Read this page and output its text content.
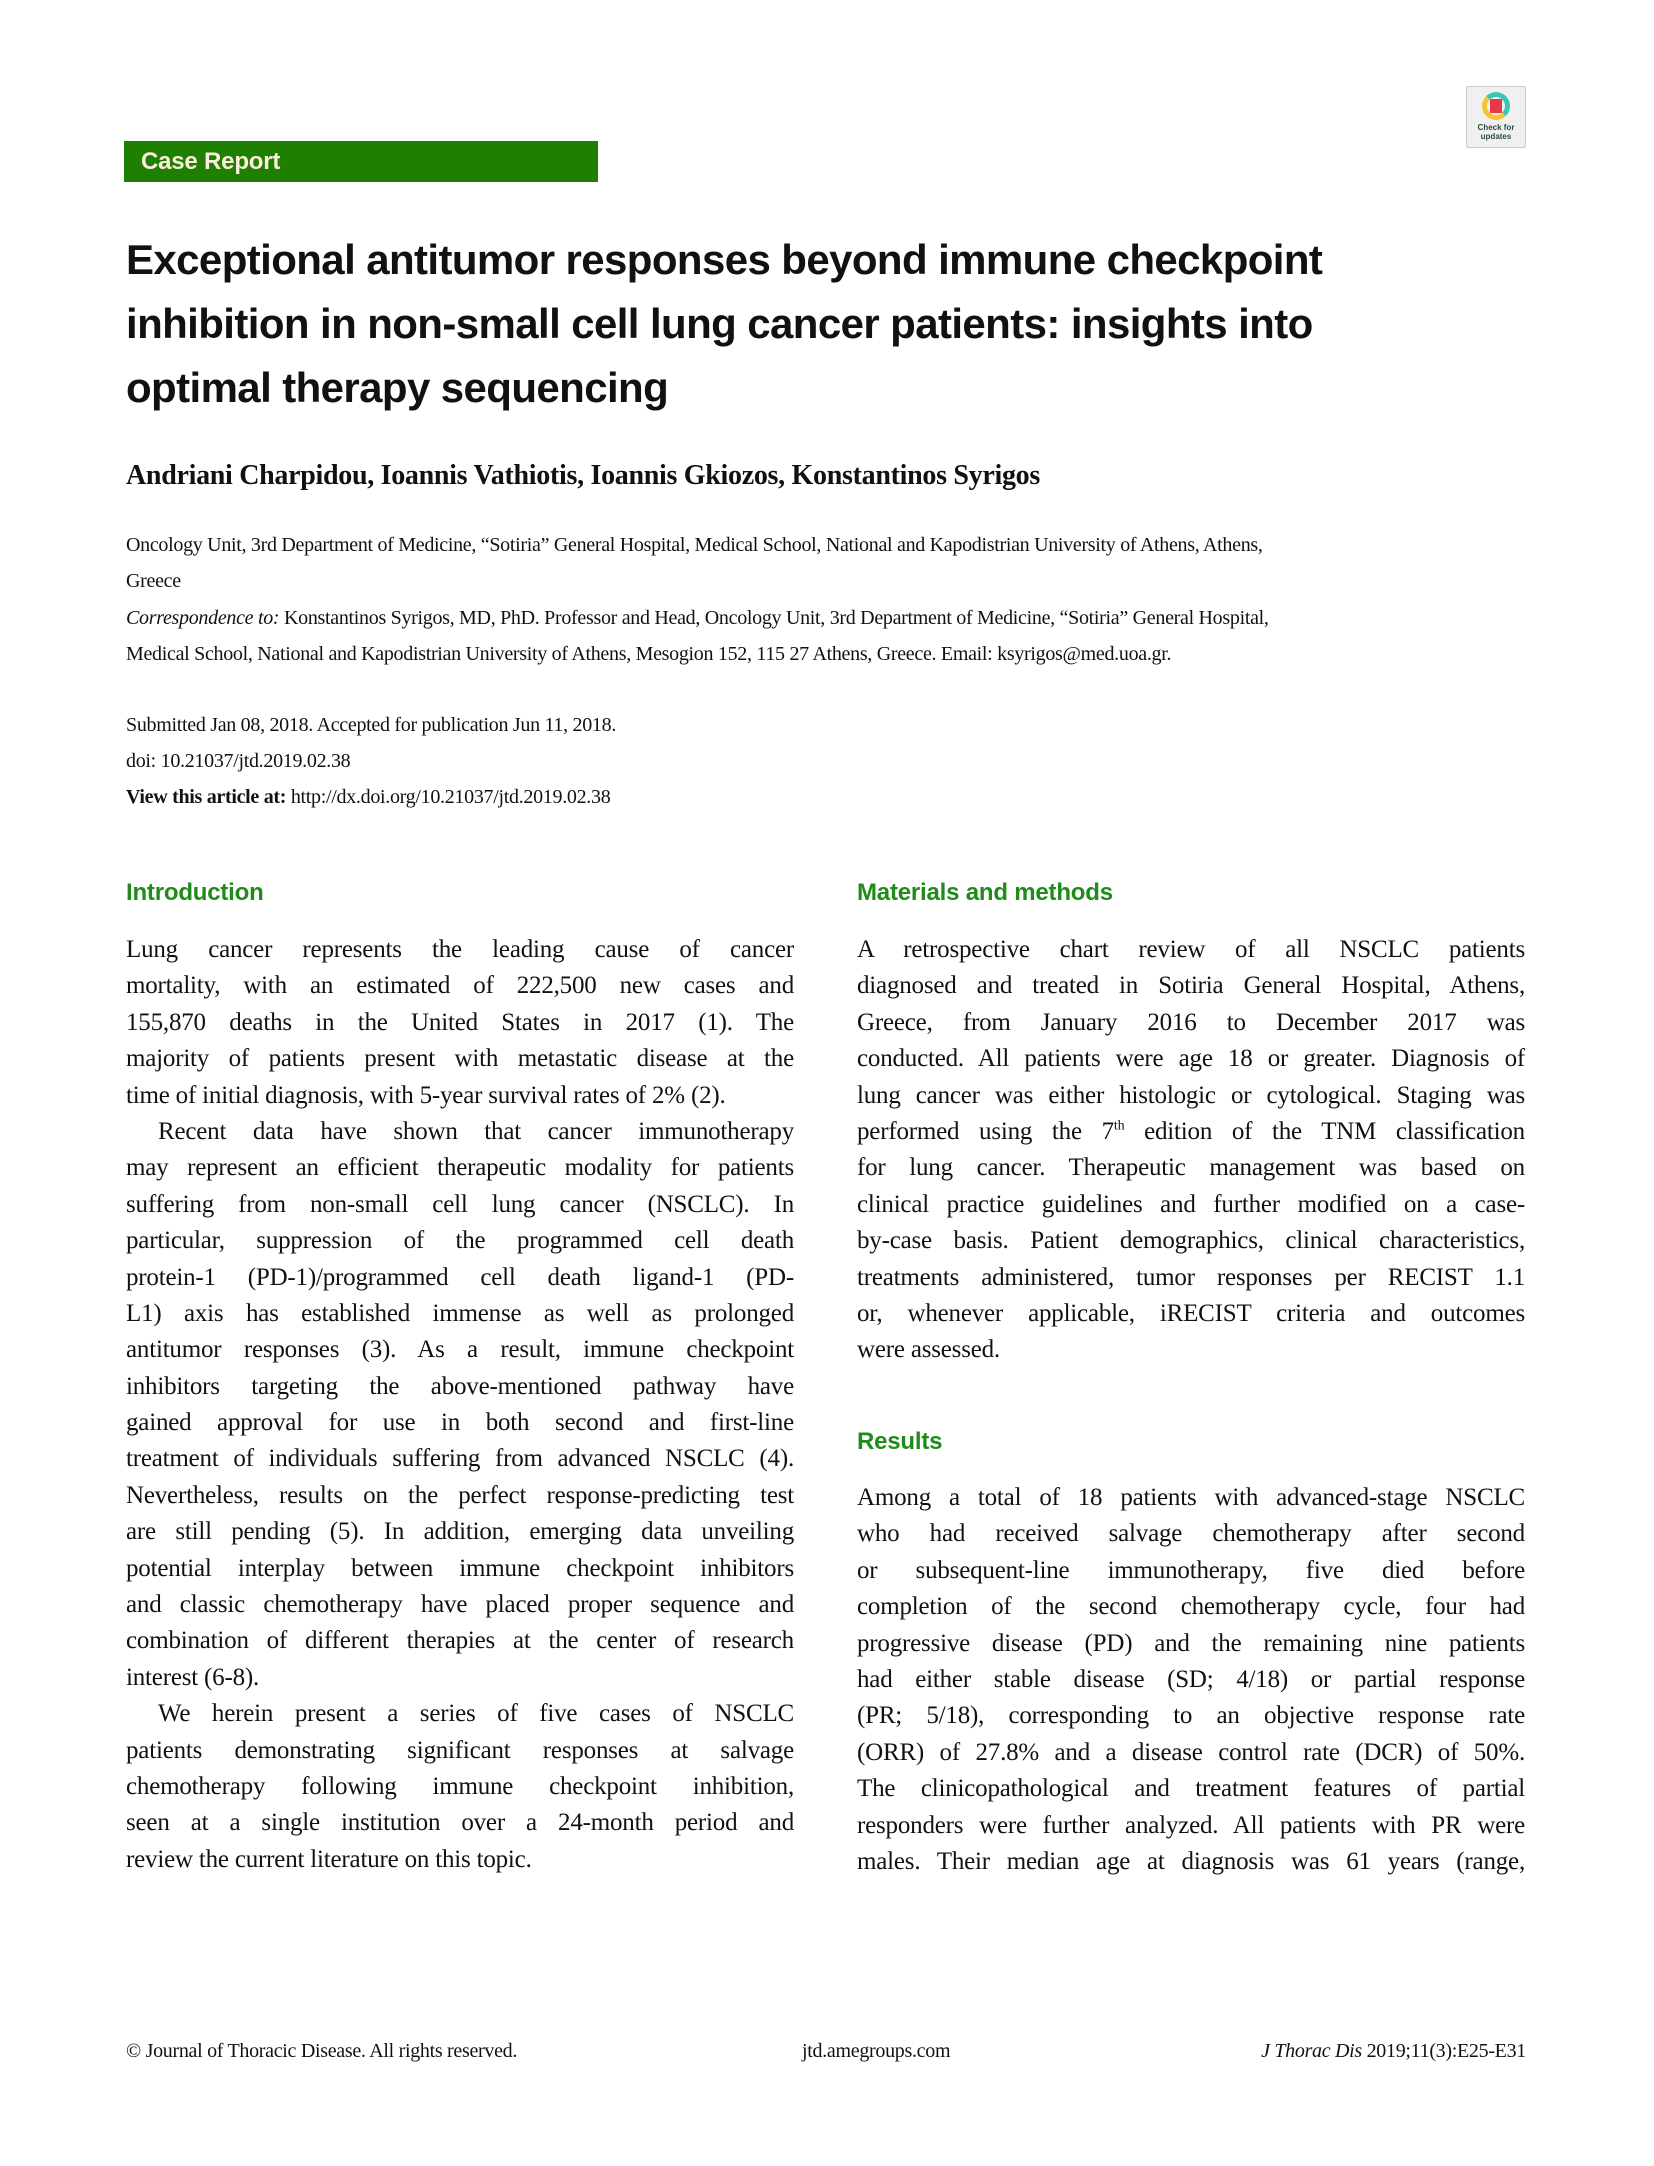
Case Report
Check for
updates
Exceptional antitumor responses beyond immune checkpoint
inhibition in non-small cell lung cancer patients: insights into
optimal therapy sequencing
Andriani Charpidou, Ioannis Vathiotis, Ioannis Gkiozos, Konstantinos Syrigos
Oncology Unit, 3rd Department of Medicine, “Sotiria” General Hospital, Medical School, National and Kapodistrian University of Athens, Athens,
Greece
Correspondence to: Konstantinos Syrigos, MD, PhD. Professor and Head, Oncology Unit, 3rd Department of Medicine, “Sotiria” General Hospital,
Medical School, National and Kapodistrian University of Athens, Mesogion 152, 115 27 Athens, Greece. Email: ksyrigos@med.uoa.gr.
Submitted Jan 08, 2018. Accepted for publication Jun 11, 2018.
doi: 10.21037/jtd.2019.02.38
View this article at: http://dx.doi.org/10.21037/jtd.2019.02.38
Introduction	Materials and methods
Results
Lung cancer represents the leading cause of cancer
mortality, with an estimated of 222,500 new cases and
155,870 deaths in the United States in 2017 (1). The
majority of patients present with metastatic disease at the
time of initial diagnosis, with 5-year survival rates of 2% (2).
Recent data have shown that cancer immunotherapy
may represent an efficient therapeutic modality for patients
suffering from non-small cell lung cancer (NSCLC). In
particular, suppression of the programmed cell death
protein-1 (PD-1)/programmed cell death ligand-1 (PD-
L1) axis has established immense as well as prolonged
antitumor responses (3). As a result, immune checkpoint
inhibitors targeting the above-mentioned pathway have
gained approval for use in both second and first-line
treatment of individuals suffering from advanced NSCLC (4).
Nevertheless, results on the perfect response-predicting test
are still pending (5). In addition, emerging data unveiling
potential interplay between immune checkpoint inhibitors
and classic chemotherapy have placed proper sequence and
combination of different therapies at the center of research
interest (6-8).
We herein present a series of five cases of NSCLC
patients demonstrating significant responses at salvage
chemotherapy following immune checkpoint inhibition,
seen at a single institution over a 24-month period and
review the current literature on this topic.
A retrospective chart review of all NSCLC patients
diagnosed and treated in Sotiria General Hospital, Athens,
Greece, from January 2016 to December 2017 was
conducted. All patients were age 18 or greater. Diagnosis of
lung cancer was either histologic or cytological. Staging was
performed using the 7th edition of the TNM classification
for lung cancer. Therapeutic management was based on
clinical practice guidelines and further modified on a case-
by-case basis. Patient demographics, clinical characteristics,
treatments administered, tumor responses per RECIST 1.1
or, whenever applicable, iRECIST criteria and outcomes
were assessed.
Among a total of 18 patients with advanced-stage NSCLC
who had received salvage chemotherapy after second
or subsequent-line immunotherapy, five died before
completion of the second chemotherapy cycle, four had
progressive disease (PD) and the remaining nine patients
had either stable disease (SD; 4/18) or partial response
(PR; 5/18), corresponding to an objective response rate
(ORR) of 27.8% and a disease control rate (DCR) of 50%.
The clinicopathological and treatment features of partial
responders were further analyzed. All patients with PR were
males. Their median age at diagnosis was 61 years (range,
© Journal of Thoracic Disease. All rights reserved.	jtd.amegroups.com	J Thorac Dis 2019;11(3):E25-E31
